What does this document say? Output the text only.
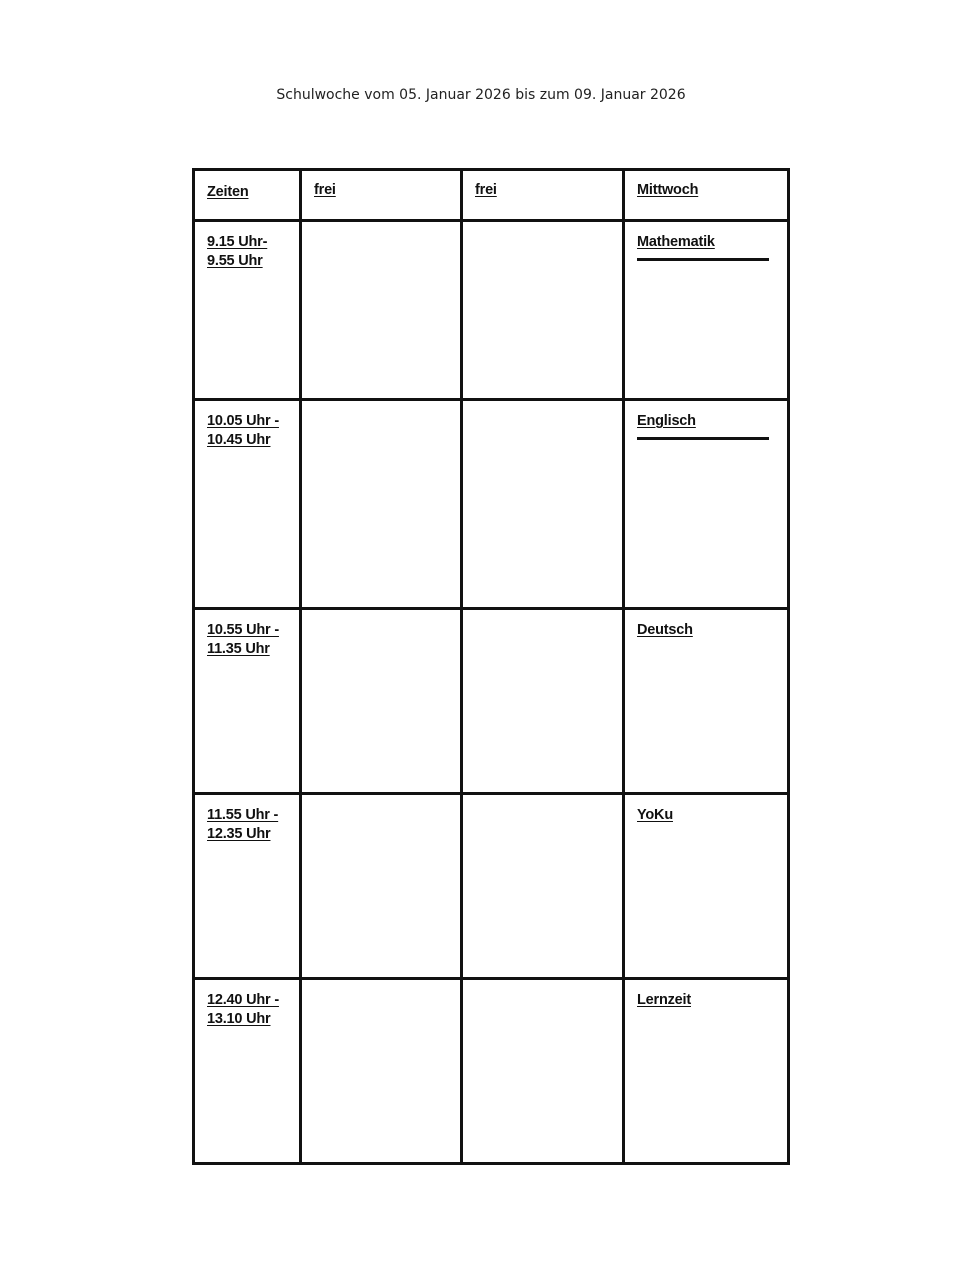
Schulwoche vom 05. Januar 2026 bis zum 09. Januar 2026
Zeiten	frei	frei	Mittwoch

9.15 Uhr-
9.55 Uhr			Mathematik

10.05 Uhr -
10.45 Uhr			Englisch

10.55 Uhr -
11.35 Uhr			Deutsch

11.55 Uhr -
12.35 Uhr			YoKu

12.40 Uhr -
13.10 Uhr			Lernzeit
